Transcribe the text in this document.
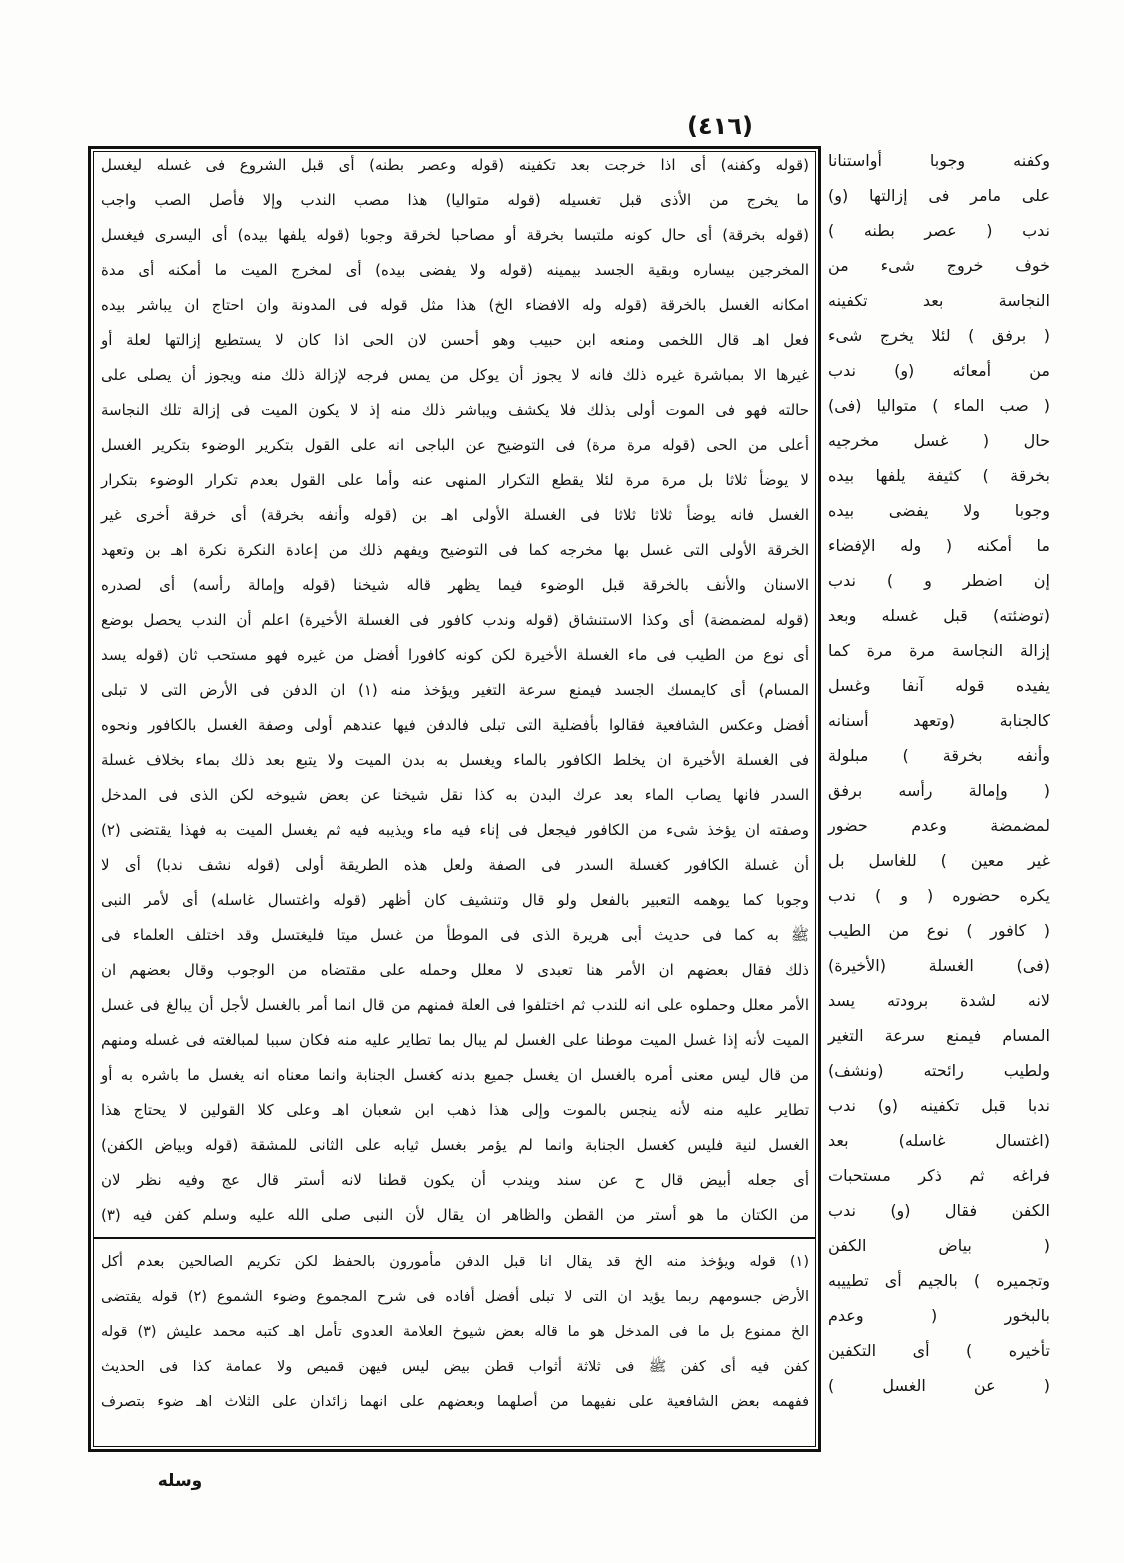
(٤١٦)
(قوله وكفنه) أى اذا خرجت بعد تكفينه (قوله وعصر بطنه) أى قبل الشروع فى غسله ليغسل
ما يخرج من الأذى قبل تغسيله (قوله متواليا) هذا مصب الندب وإلا فأصل الصب واجب
(قوله بخرقة) أى حال كونه ملتبسا بخرقة أو مصاحبا لخرقة وجوبا (قوله يلفها بيده) أى اليسرى فيغسل
المخرجين بيساره وبقية الجسد بيمينه (قوله ولا يفضى بيده) أى لمخرج الميت ما أمكنه أى مدة
امكانه الغسل بالخرقة (قوله وله الافضاء الخ) هذا مثل قوله فى المدونة وان احتاج ان يباشر بيده
فعل اهـ قال اللخمى ومنعه ابن حبيب وهو أحسن لان الحى اذا كان لا يستطيع إزالتها لعلة أو
غيرها الا بمباشرة غيره ذلك فانه لا يجوز أن يوكل من يمس فرجه لإزالة ذلك منه ويجوز أن يصلى على
حالته فهو فى الموت أولى بذلك فلا يكشف ويباشر ذلك منه إذ لا يكون الميت فى إزالة تلك النجاسة
أعلى من الحى (قوله مرة مرة) فى التوضيح عن الباجى انه على القول بتكرير الوضوء بتكرير الغسل
لا يوضأ ثلاثا بل مرة مرة لئلا يقطع التكرار المنهى عنه وأما على القول بعدم تكرار الوضوء بتكرار
الغسل فانه يوضأ ثلاثا ثلاثا فى الغسلة الأولى اهـ بن (قوله وأنفه بخرقة) أى خرقة أخرى غير
الخرقة الأولى التى غسل بها مخرجه كما فى التوضيح ويفهم ذلك من إعادة النكرة نكرة اهـ بن وتعهد
الاسنان والأنف بالخرقة قبل الوضوء فيما يظهر قاله شيخنا (قوله وإمالة رأسه) أى لصدره
(قوله لمضمضة) أى وكذا الاستنشاق (قوله وندب كافور فى الغسلة الأخيرة) اعلم أن الندب يحصل بوضع
أى نوع من الطيب فى ماء الغسلة الأخيرة لكن كونه كافورا أفضل من غيره فهو مستحب ثان (قوله يسد
المسام) أى كايمسك الجسد فيمنع سرعة التغير ويؤخذ منه (١) ان الدفن فى الأرض التى لا تبلى
أفضل وعكس الشافعية فقالوا بأفضلية التى تبلى فالدفن فيها عندهم أولى وصفة الغسل بالكافور ونحوه
فى الغسلة الأخيرة ان يخلط الكافور بالماء ويغسل به بدن الميت ولا يتبع بعد ذلك بماء بخلاف غسلة
السدر فانها يصاب الماء بعد عرك البدن به كذا نقل شيخنا عن بعض شيوخه لكن الذى فى المدخل
وصفته ان يؤخذ شىء من الكافور فيجعل فى إناء فيه ماء ويذيبه فيه ثم يغسل الميت به فهذا يقتضى (٢)
أن غسلة الكافور كغسلة السدر فى الصفة ولعل هذه الطريقة أولى (قوله نشف ندبا) أى لا
وجوبا كما يوهمه التعبير بالفعل ولو قال وتنشيف كان أظهر (قوله واغتسال غاسله) أى لأمر النبى
ﷺ به كما فى حديث أبى هريرة الذى فى الموطأ من غسل ميتا فليغتسل وقد اختلف العلماء فى
ذلك فقال بعضهم ان الأمر هنا تعبدى لا معلل وحمله على مقتضاه من الوجوب وقال بعضهم ان
الأمر معلل وحملوه على انه للندب ثم اختلفوا فى العلة فمنهم من قال انما أمر بالغسل لأجل أن يبالغ فى غسل
الميت لأنه إذا غسل الميت موطنا على الغسل لم يبال بما تطاير عليه منه فكان سببا لمبالغته فى غسله ومنهم
من قال ليس معنى أمره بالغسل ان يغسل جميع بدنه كغسل الجنابة وانما معناه انه يغسل ما باشره به أو
تطاير عليه منه لأنه ينجس بالموت وإلى هذا ذهب ابن شعبان اهـ وعلى كلا القولين لا يحتاج هذا
الغسل لنية فليس كغسل الجنابة وانما لم يؤمر بغسل ثيابه على الثانى للمشقة (قوله وبياض الكفن)
أى جعله أبيض قال ح عن سند ويندب أن يكون قطنا لانه أستر قال عج وفيه نظر لان
من الكتان ما هو أستر من القطن والظاهر ان يقال لأن النبى صلى الله عليه وسلم كفن فيه (٣)
(١) قوله ويؤخذ منه الخ قد يقال انا قبل الدفن مأمورون بالحفظ لكن تكريم الصالحين بعدم أكل
الأرض جسومهم ربما يؤيد ان التى لا تبلى أفضل أفاده فى شرح المجموع وضوء الشموع (٢) قوله يقتضى
الخ ممنوع بل ما فى المدخل هو ما قاله بعض شيوخ العلامة العدوى تأمل اهـ كتبه محمد عليش (٣) قوله
كفن فيه أى كفن ﷺ فى ثلاثة أثواب قطن بيض ليس فيهن قميص ولا عمامة كذا فى الحديث
ففهمه بعض الشافعية على نفيهما من أصلهما وبعضهم على انهما زائدان على الثلاث اهـ ضوء بتصرف
وكفنه وجوبا أواستنانا
على مامر فى إزالتها (و)
ندب ( عصر بطنه )
خوف خروج شىء من
النجاسة بعد تكفينه
( برفق ) لئلا يخرج شىء
من أمعائه (و) ندب
( صب الماء ) متواليا (فى)
حال ( غسل مخرجيه
بخرقة ) كثيفة يلفها بيده
وجوبا ولا يفضى بيده
ما أمكنه ( وله الإفضاء
إن اضطر و ) ندب
(توضئته) قبل غسله وبعد
إزالة النجاسة مرة مرة كما
يفيده قوله آنفا وغسل
كالجنابة (وتعهد أسنانه
وأنفه بخرقة ) مبلولة
( وإمالة رأسه برفق
لمضمضة وعدم حضور
غير معين ) للغاسل بل
يكره حضوره ( و ) ندب
( كافور ) نوع من الطيب
(فى) الغسلة (الأخيرة)
لانه لشدة برودته يسد
المسام فيمنع سرعة التغير
ولطيب رائحته (ونشف)
ندبا قبل تكفينه (و) ندب
(اغتسال غاسله) بعد
فراغه ثم ذكر مستحبات
الكفن فقال (و) ندب
( بياض الكفن
وتجميره ) بالجيم أى تطييبه
بالبخور ( وعدم
تأخيره ) أى التكفين
( عن الغسل )
وسله
